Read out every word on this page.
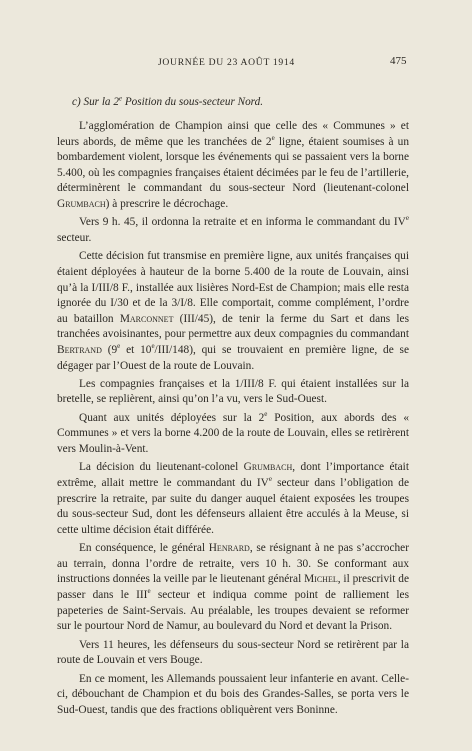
JOURNÉE DU 23 AOÛT 1914	475
c) Sur la 2e Position du sous-secteur Nord.

L’agglomération de Champion ainsi que celle des « Communes » et leurs abords, de même que les tranchées de 2e ligne, étaient soumises à un bombardement violent, lorsque les événements qui se passaient vers la borne 5.400, où les compagnies françaises étaient décimées par le feu de l’artillerie, déterminèrent le commandant du sous-secteur Nord (lieutenant-colonel Grumbach) à prescrire le décrochage.

Vers 9 h. 45, il ordonna la retraite et en informa le commandant du IVe secteur.

Cette décision fut transmise en première ligne, aux unités françaises qui étaient déployées à hauteur de la borne 5.400 de la route de Louvain, ainsi qu’à la I/III/8 F., installée aux lisières Nord-Est de Champion; mais elle resta ignorée du I/30 et de la 3/I/8. Elle comportait, comme complément, l’ordre au bataillon Marconnet (III/45), de tenir la ferme du Sart et dans les tranchées avoisinantes, pour permettre aux deux compagnies du commandant Bertrand (9e et 10e/III/148), qui se trouvaient en première ligne, de se dégager par l’Ouest de la route de Louvain.

Les compagnies françaises et la 1/III/8 F. qui étaient installées sur la bretelle, se replièrent, ainsi qu’on l’a vu, vers le Sud-Ouest.

Quant aux unités déployées sur la 2e Position, aux abords des « Communes » et vers la borne 4.200 de la route de Louvain, elles se retirèrent vers Moulin-à-Vent.

La décision du lieutenant-colonel Grumbach, dont l’importance était extrême, allait mettre le commandant du IVe secteur dans l’obligation de prescrire la retraite, par suite du danger auquel étaient exposées les troupes du sous-secteur Sud, dont les défenseurs allaient être acculés à la Meuse, si cette ultime décision était différée.

En conséquence, le général Henrard, se résignant à ne pas s’accrocher au terrain, donna l’ordre de retraite, vers 10 h. 30. Se conformant aux instructions données la veille par le lieutenant général Michel, il prescrivit de passer dans le IIIe secteur et indiqua comme point de ralliement les papeteries de Saint-Servais. Au préalable, les troupes devaient se reformer sur le pourtour Nord de Namur, au boulevard du Nord et devant la Prison.

Vers 11 heures, les défenseurs du sous-secteur Nord se retirèrent par la route de Louvain et vers Bouge.

En ce moment, les Allemands poussaient leur infanterie en avant. Celle-ci, débouchant de Champion et du bois des Grandes-Salles, se porta vers le Sud-Ouest, tandis que des fractions obliquèrent vers Boninne.
